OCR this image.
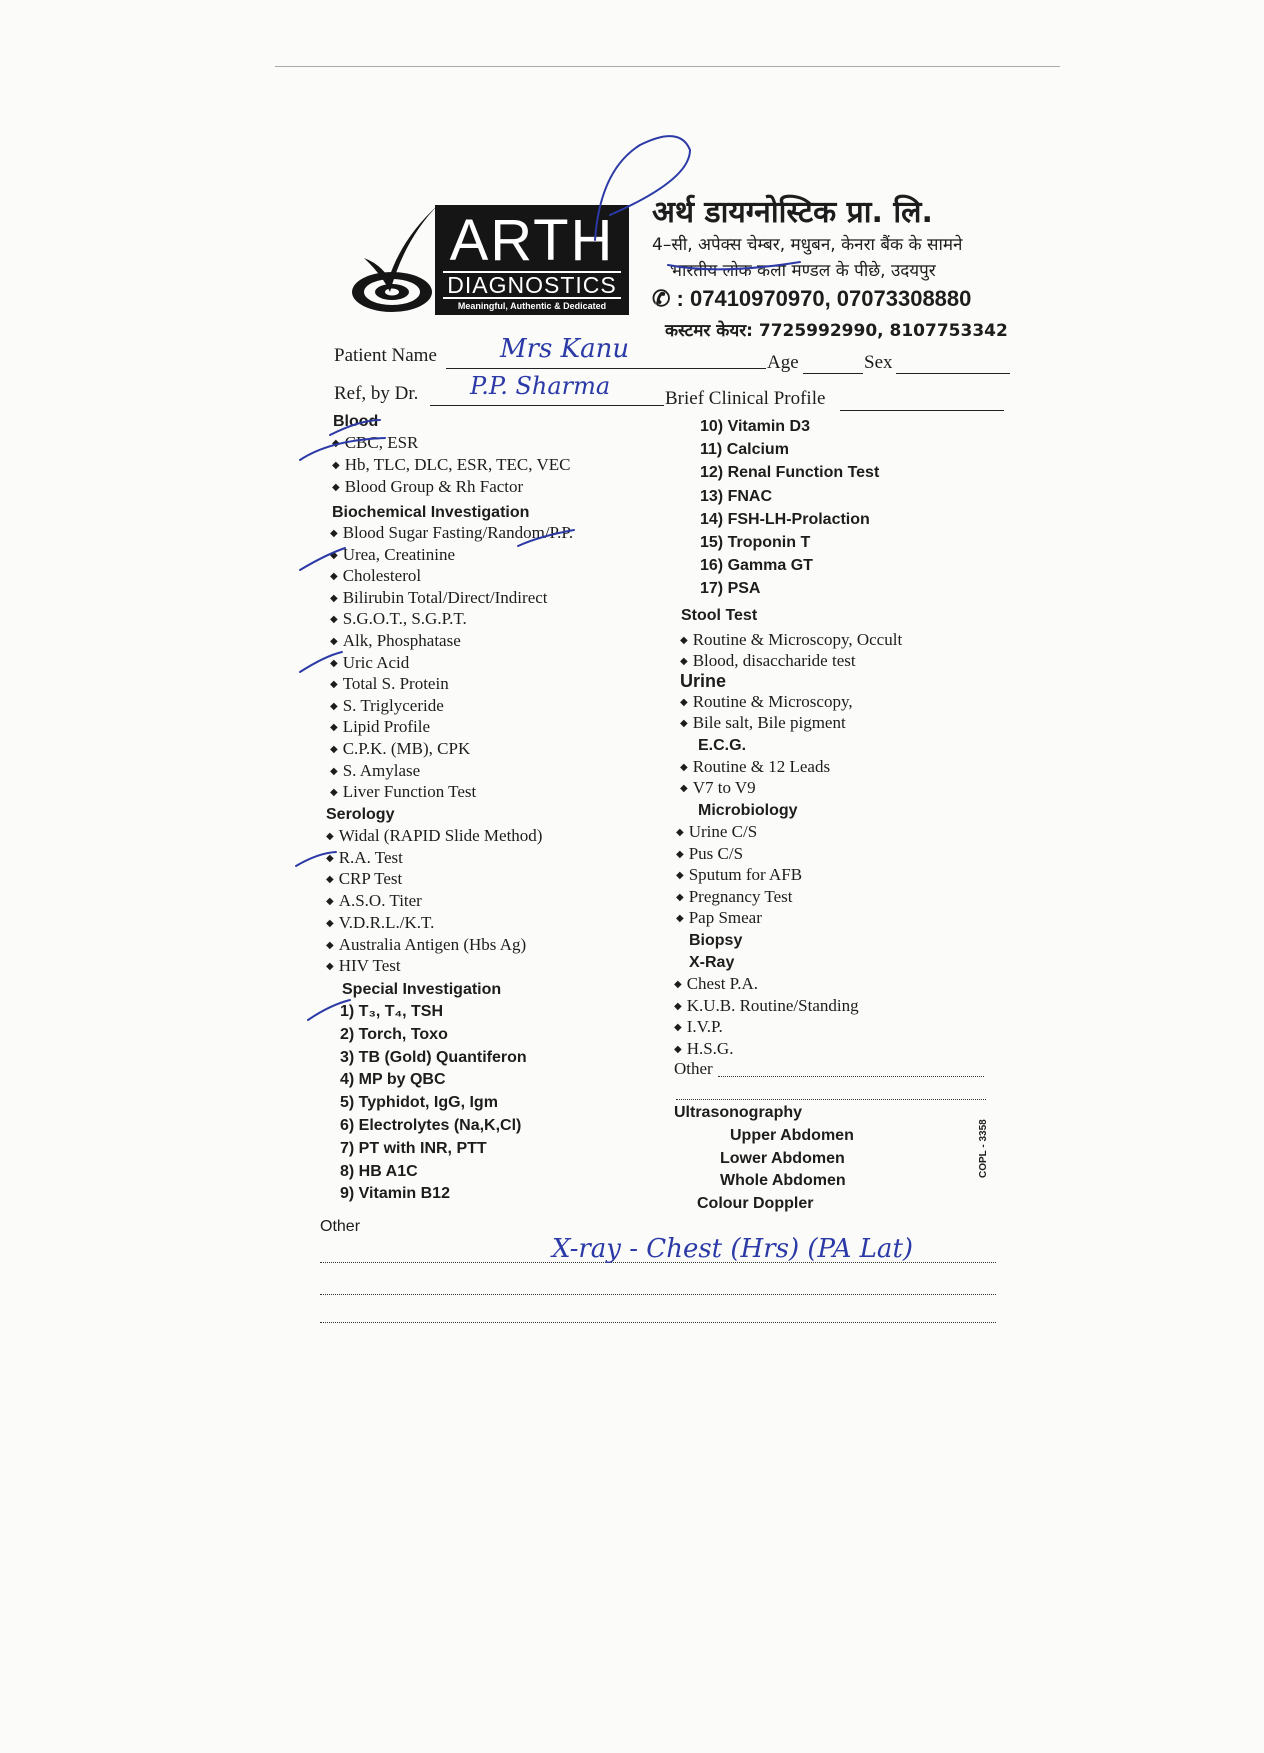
ARTH
DIAGNOSTICS
Meaningful, Authentic & Dedicated
अर्थ डायग्नोस्टिक प्रा. लि.
4–सी, अपेक्स चेम्बर, मधुबन, केनरा बैंक के सामने
भारतीय लोक कला मण्डल के पीछे, उदयपुर
✆ : 07410970970, 07073308880
कस्टमर केयर: 7725992990, 8107753342
Patient Name Mrs Kanu	Age	Sex
Ref, by Dr. P.P. Sharma	Brief Clinical Profile
Blood
◆ CBC, ESR
◆ Hb, TLC, DLC, ESR, TEC, VEC
◆ Blood Group & Rh Factor
Biochemical Investigation
◆ Blood Sugar Fasting/Random/P.P.
◆ Urea, Creatinine
◆ Cholesterol
◆ Bilirubin Total/Direct/Indirect
◆ S.G.O.T., S.G.P.T.
◆ Alk, Phosphatase
◆ Uric Acid
◆ Total S. Protein
◆ S. Triglyceride
◆ Lipid Profile
◆ C.P.K. (MB), CPK
◆ S. Amylase
◆ Liver Function Test
Serology
◆ Widal (RAPID Slide Method)
◆ R.A. Test
◆ CRP Test
◆ A.S.O. Titer
◆ V.D.R.L./K.T.
◆ Australia Antigen (Hbs Ag)
◆ HIV Test
Special Investigation
1) T₃, T₄, TSH
2) Torch, Toxo
3) TB (Gold) Quantiferon
4) MP by QBC
5) Typhidot, IgG, Igm
6) Electrolytes (Na,K,Cl)
7) PT with INR, PTT
8) HB A1C
9) Vitamin B12
Other
10) Vitamin D3
11) Calcium
12) Renal Function Test
13) FNAC
14) FSH-LH-Prolaction
15) Troponin T
16) Gamma GT
17) PSA
Stool Test
◆ Routine & Microscopy, Occult
◆ Blood, disaccharide test
Urine
◆ Routine & Microscopy,
◆ Bile salt, Bile pigment
E.C.G.
◆ Routine & 12 Leads
◆ V7 to V9
Microbiology
◆ Urine C/S
◆ Pus C/S
◆ Sputum for AFB
◆ Pregnancy Test
◆ Pap Smear
Biopsy
X-Ray
◆ Chest P.A.
◆ K.U.B. Routine/Standing
◆ I.V.P.
◆ H.S.G.
Other
Ultrasonography
Upper Abdomen
Lower Abdomen
Whole Abdomen
Colour Doppler
COPL - 3358
X-ray - Chest (Hrs) (PA Lat)
